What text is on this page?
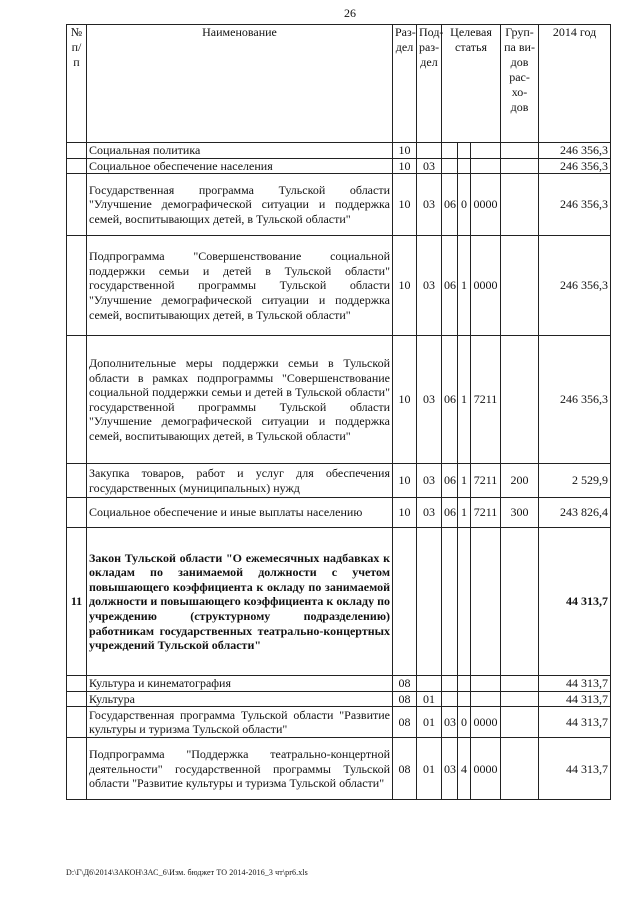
26
№ п/ п	Наименование	Раз-дел	Под-раз-дел	Целевая статья			Груп-па ви-дов рас-хо-дов	2014 год
	Социальная политика	10						246 356,3
	Социальное обеспечение населения	10	03					246 356,3
	Государственная программа Тульской области "Улучшение демографической ситуации и поддержка семей, воспитывающих детей, в Тульской области"	10	03	06	0	0000		246 356,3
	Подпрограмма "Совершенствование социальной поддержки семьи и детей в Тульской области" государственной программы Тульской области "Улучшение демографической ситуации и поддержка семей, воспитывающих детей, в Тульской области"	10	03	06	1	0000		246 356,3
	Дополнительные меры поддержки семьи в Тульской области в рамках подпрограммы "Совершенствование социальной поддержки семьи и детей в Тульской области" государственной программы Тульской области "Улучшение демографической ситуации и поддержка семей, воспитывающих детей, в Тульской области"	10	03	06	1	7211		246 356,3
	Закупка товаров, работ и услуг для обеспечения государственных (муниципальных) нужд	10	03	06	1	7211	200	2 529,9
	Социальное обеспечение и иные выплаты населению	10	03	06	1	7211	300	243 826,4
11	Закон Тульской области "О ежемесячных надбавках к окладам по занимаемой должности с учетом повышающего коэффициента к окладу по занимаемой должности и повышающего коэффициента к окладу по учреждению (структурному подразделению) работникам государственных театрально-концертных учреждений Тульской области"							44 313,7
	Культура и кинематография	08						44 313,7
	Культура	08	01					44 313,7
	Государственная программа Тульской области "Развитие культуры и туризма Тульской области"	08	01	03	0	0000		44 313,7
	Подпрограмма "Поддержка театрально-концертной деятельности" государственной программы Тульской области "Развитие культуры и туризма Тульской области"	08	01	03	4	0000		44 313,7
D:\Г\Д6\2014\ЗАКОН\ЗАС_6\Изм. бюджет ТО 2014-2016_3 чт\pr6.xls
